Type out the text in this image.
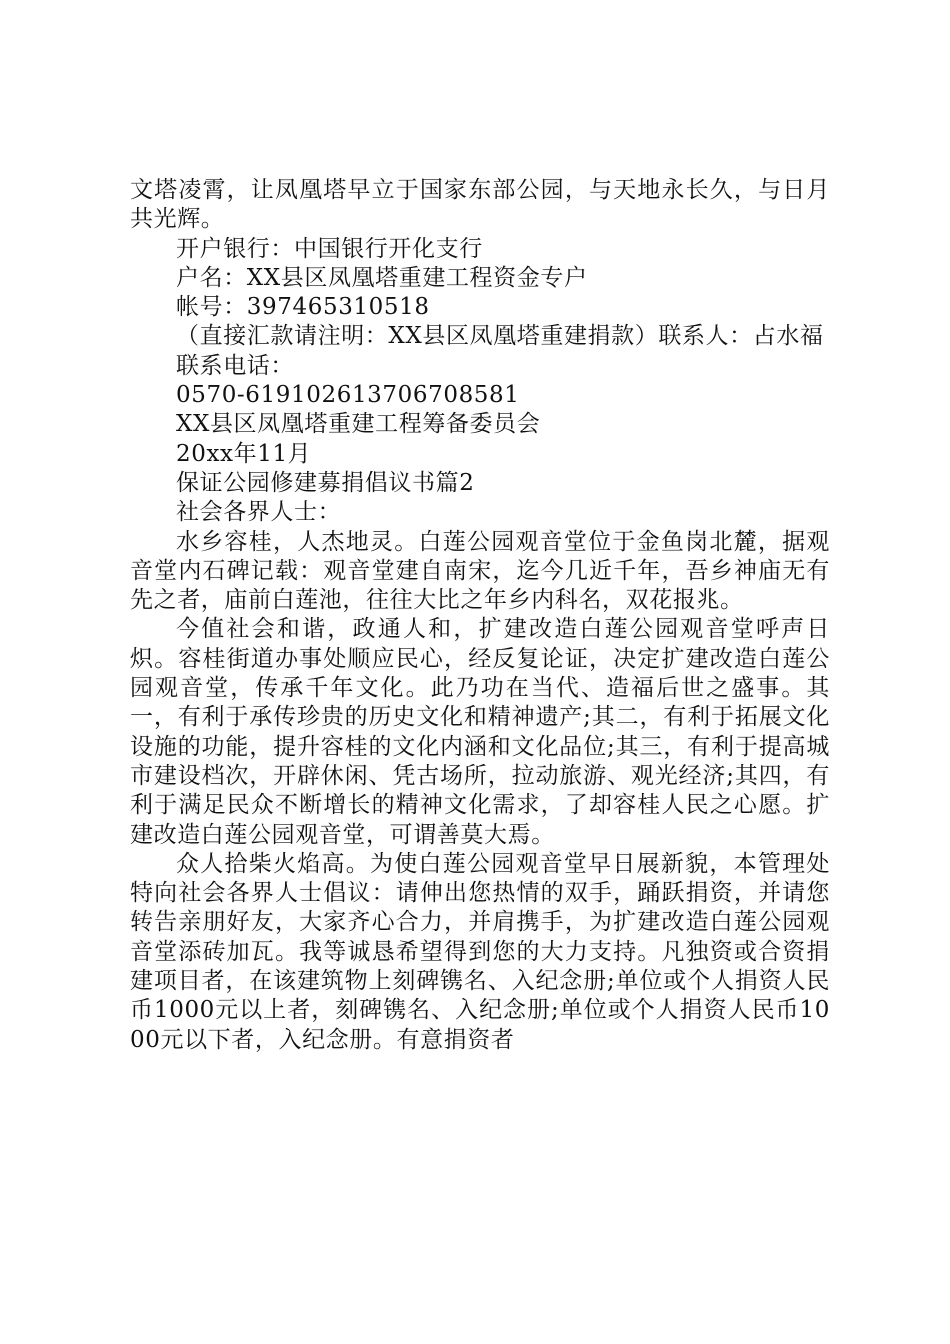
文塔凌霄，让凤凰塔早立于国家东部公园，与天地永长久，与日月共光辉。

开户银行：中国银行开化支行

户名：XX县区凤凰塔重建工程资金专户

帐号：397465310518

（直接汇款请注明：XX县区凤凰塔重建捐款）联系人：占水福

联系电话：

0570-619102613706708581

XX县区凤凰塔重建工程筹备委员会

20xx年11月

保证公园修建募捐倡议书篇2

社会各界人士：

水乡容桂，人杰地灵。白莲公园观音堂位于金鱼岗北麓，据观音堂内石碑记载：观音堂建自南宋，迄今几近千年，吾乡神庙无有先之者，庙前白莲池，往往大比之年乡内科名，双花报兆。

今值社会和谐，政通人和，扩建改造白莲公园观音堂呼声日炽。容桂街道办事处顺应民心，经反复论证，决定扩建改造白莲公园观音堂，传承千年文化。此乃功在当代、造福后世之盛事。其一，有利于承传珍贵的历史文化和精神遗产;其二，有利于拓展文化设施的功能，提升容桂的文化内涵和文化品位;其三，有利于提高城市建设档次，开辟休闲、凭古场所，拉动旅游、观光经济;其四，有利于满足民众不断增长的精神文化需求，了却容桂人民之心愿。扩建改造白莲公园观音堂，可谓善莫大焉。

众人拾柴火焰高。为使白莲公园观音堂早日展新貌，本管理处特向社会各界人士倡议：请伸出您热情的双手，踊跃捐资，并请您转告亲朋好友，大家齐心合力，并肩携手，为扩建改造白莲公园观音堂添砖加瓦。我等诚恳希望得到您的大力支持。凡独资或合资捐建项目者，在该建筑物上刻碑镌名、入纪念册;单位或个人捐资人民币1000元以上者，刻碑镌名、入纪念册;单位或个人捐资人民币1000元以下者，入纪念册。有意捐资者
